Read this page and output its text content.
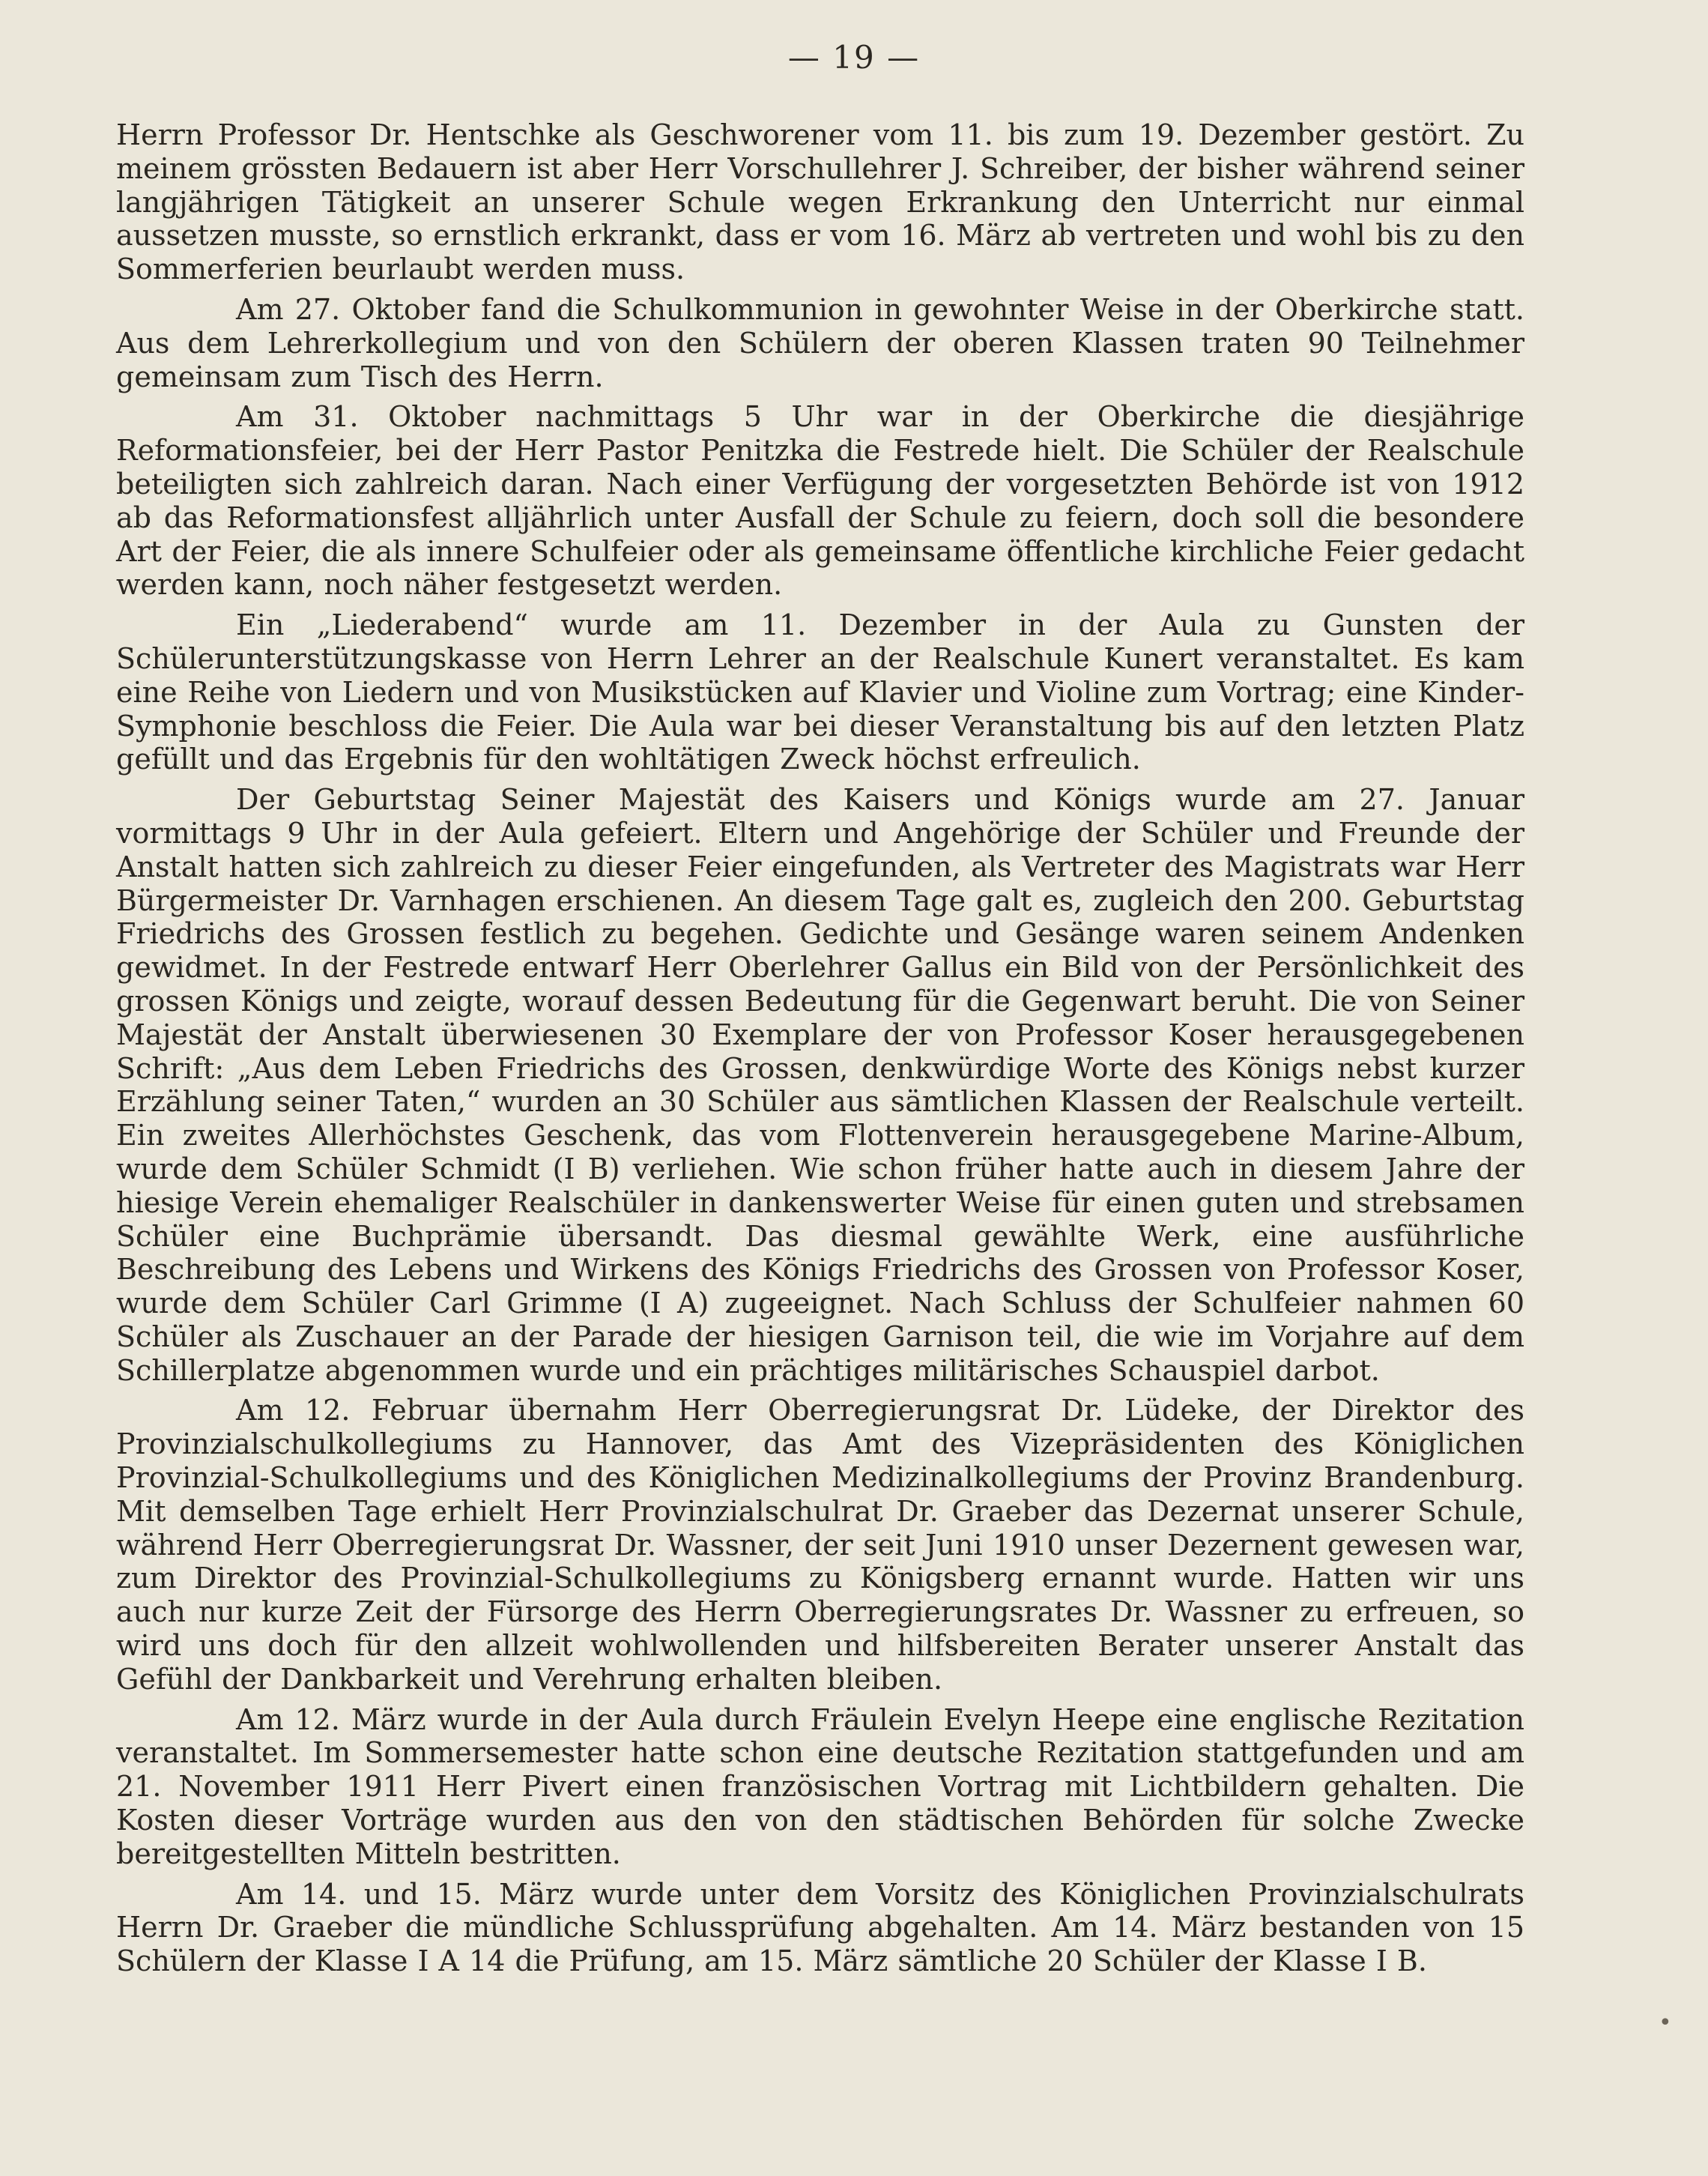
— 19 —

Herrn Professor Dr. Hentschke als Geschworener vom 11. bis zum 19. Dezember gestört. Zu meinem grössten Bedauern ist aber Herr Vorschullehrer J. Schreiber, der bisher während seiner langjährigen Tätigkeit an unserer Schule wegen Erkrankung den Unterricht nur einmal aussetzen musste, so ernstlich erkrankt, dass er vom 16. März ab vertreten und wohl bis zu den Sommerferien beurlaubt werden muss.

Am 27. Oktober fand die Schulkommunion in gewohnter Weise in der Oberkirche statt. Aus dem Lehrerkollegium und von den Schülern der oberen Klassen traten 90 Teilnehmer gemeinsam zum Tisch des Herrn.

Am 31. Oktober nachmittags 5 Uhr war in der Oberkirche die diesjährige Reformationsfeier, bei der Herr Pastor Penitzka die Festrede hielt. Die Schüler der Realschule beteiligten sich zahlreich daran. Nach einer Verfügung der vorgesetzten Behörde ist von 1912 ab das Reformationsfest alljährlich unter Ausfall der Schule zu feiern, doch soll die besondere Art der Feier, die als innere Schulfeier oder als gemeinsame öffentliche kirchliche Feier gedacht werden kann, noch näher festgesetzt werden.

Ein „Liederabend“ wurde am 11. Dezember in der Aula zu Gunsten der Schülerunterstützungskasse von Herrn Lehrer an der Realschule Kunert veranstaltet. Es kam eine Reihe von Liedern und von Musikstücken auf Klavier und Violine zum Vortrag; eine Kinder-Symphonie beschloss die Feier. Die Aula war bei dieser Veranstaltung bis auf den letzten Platz gefüllt und das Ergebnis für den wohltätigen Zweck höchst erfreulich.

Der Geburtstag Seiner Majestät des Kaisers und Königs wurde am 27. Januar vormittags 9 Uhr in der Aula gefeiert. Eltern und Angehörige der Schüler und Freunde der Anstalt hatten sich zahlreich zu dieser Feier eingefunden, als Vertreter des Magistrats war Herr Bürgermeister Dr. Varnhagen erschienen. An diesem Tage galt es, zugleich den 200. Geburtstag Friedrichs des Grossen festlich zu begehen. Gedichte und Gesänge waren seinem Andenken gewidmet. In der Festrede entwarf Herr Oberlehrer Gallus ein Bild von der Persönlichkeit des grossen Königs und zeigte, worauf dessen Bedeutung für die Gegenwart beruht. Die von Seiner Majestät der Anstalt überwiesenen 30 Exemplare der von Professor Koser herausgegebenen Schrift: „Aus dem Leben Friedrichs des Grossen, denkwürdige Worte des Königs nebst kurzer Erzählung seiner Taten,“ wurden an 30 Schüler aus sämtlichen Klassen der Realschule verteilt. Ein zweites Allerhöchstes Geschenk, das vom Flottenverein herausgegebene Marine-Album, wurde dem Schüler Schmidt (I B) verliehen. Wie schon früher hatte auch in diesem Jahre der hiesige Verein ehemaliger Realschüler in dankenswerter Weise für einen guten und strebsamen Schüler eine Buchprämie übersandt. Das diesmal gewählte Werk, eine ausführliche Beschreibung des Lebens und Wirkens des Königs Friedrichs des Grossen von Professor Koser, wurde dem Schüler Carl Grimme (I A) zugeeignet. Nach Schluss der Schulfeier nahmen 60 Schüler als Zuschauer an der Parade der hiesigen Garnison teil, die wie im Vorjahre auf dem Schillerplatze abgenommen wurde und ein prächtiges militärisches Schauspiel darbot.

Am 12. Februar übernahm Herr Oberregierungsrat Dr. Lüdeke, der Direktor des Provinzialschulkollegiums zu Hannover, das Amt des Vizepräsidenten des Königlichen Provinzial-Schulkollegiums und des Königlichen Medizinalkollegiums der Provinz Brandenburg. Mit demselben Tage erhielt Herr Provinzialschulrat Dr. Graeber das Dezernat unserer Schule, während Herr Oberregierungsrat Dr. Wassner, der seit Juni 1910 unser Dezernent gewesen war, zum Direktor des Provinzial-Schulkollegiums zu Königsberg ernannt wurde. Hatten wir uns auch nur kurze Zeit der Fürsorge des Herrn Oberregierungsrates Dr. Wassner zu erfreuen, so wird uns doch für den allzeit wohlwollenden und hilfsbereiten Berater unserer Anstalt das Gefühl der Dankbarkeit und Verehrung erhalten bleiben.

Am 12. März wurde in der Aula durch Fräulein Evelyn Heepe eine englische Rezitation veranstaltet. Im Sommersemester hatte schon eine deutsche Rezitation stattgefunden und am 21. November 1911 Herr Pivert einen französischen Vortrag mit Lichtbildern gehalten. Die Kosten dieser Vorträge wurden aus den von den städtischen Behörden für solche Zwecke bereitgestellten Mitteln bestritten.

Am 14. und 15. März wurde unter dem Vorsitz des Königlichen Provinzialschulrats Herrn Dr. Graeber die mündliche Schlussprüfung abgehalten. Am 14. März bestanden von 15 Schülern der Klasse I A 14 die Prüfung, am 15. März sämtliche 20 Schüler der Klasse I B.

•
